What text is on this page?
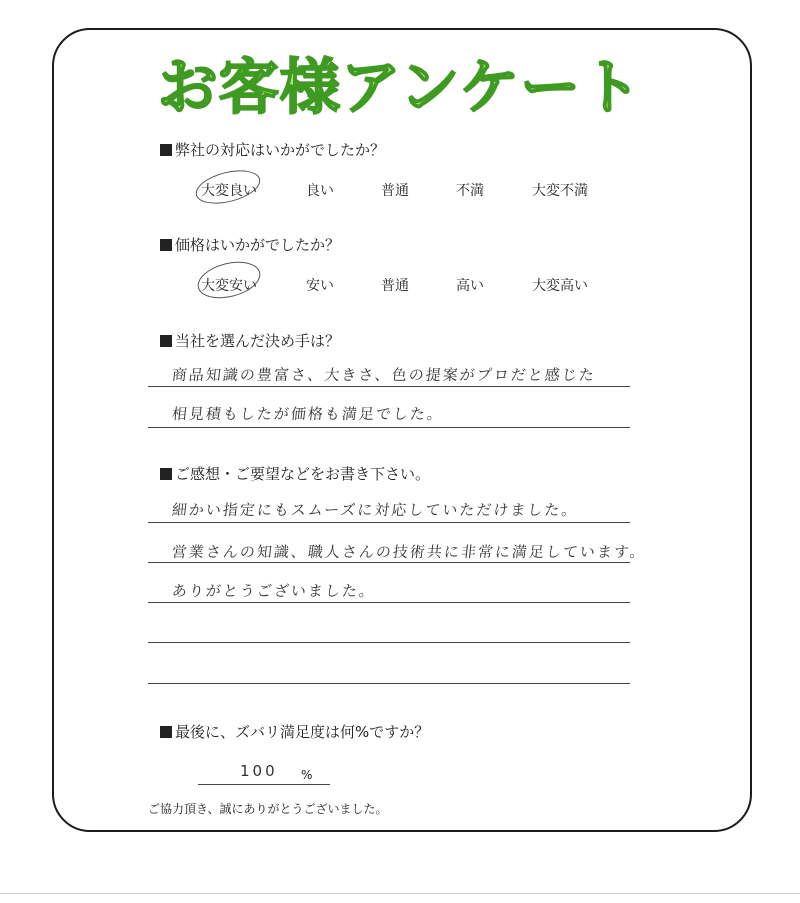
お客様アンケート
弊社の対応はいかがでしたか？
大変良い	良い	普通	不満	大変不満
価格はいかがでしたか？
大変安い	安い	普通	高い	大変高い
当社を選んだ決め手は？
商品知識の豊富さ、大きさ、色の提案がプロだと感じた
相見積もしたが価格も満足でした。
ご感想・ご要望などをお書き下さい。
細かい指定にもスムーズに対応していただけました。
営業さんの知識、職人さんの技術共に非常に満足しています。
ありがとうございました。
最後に、ズバリ満足度は何%ですか？
100 %
ご協力頂き、誠にありがとうございました。
